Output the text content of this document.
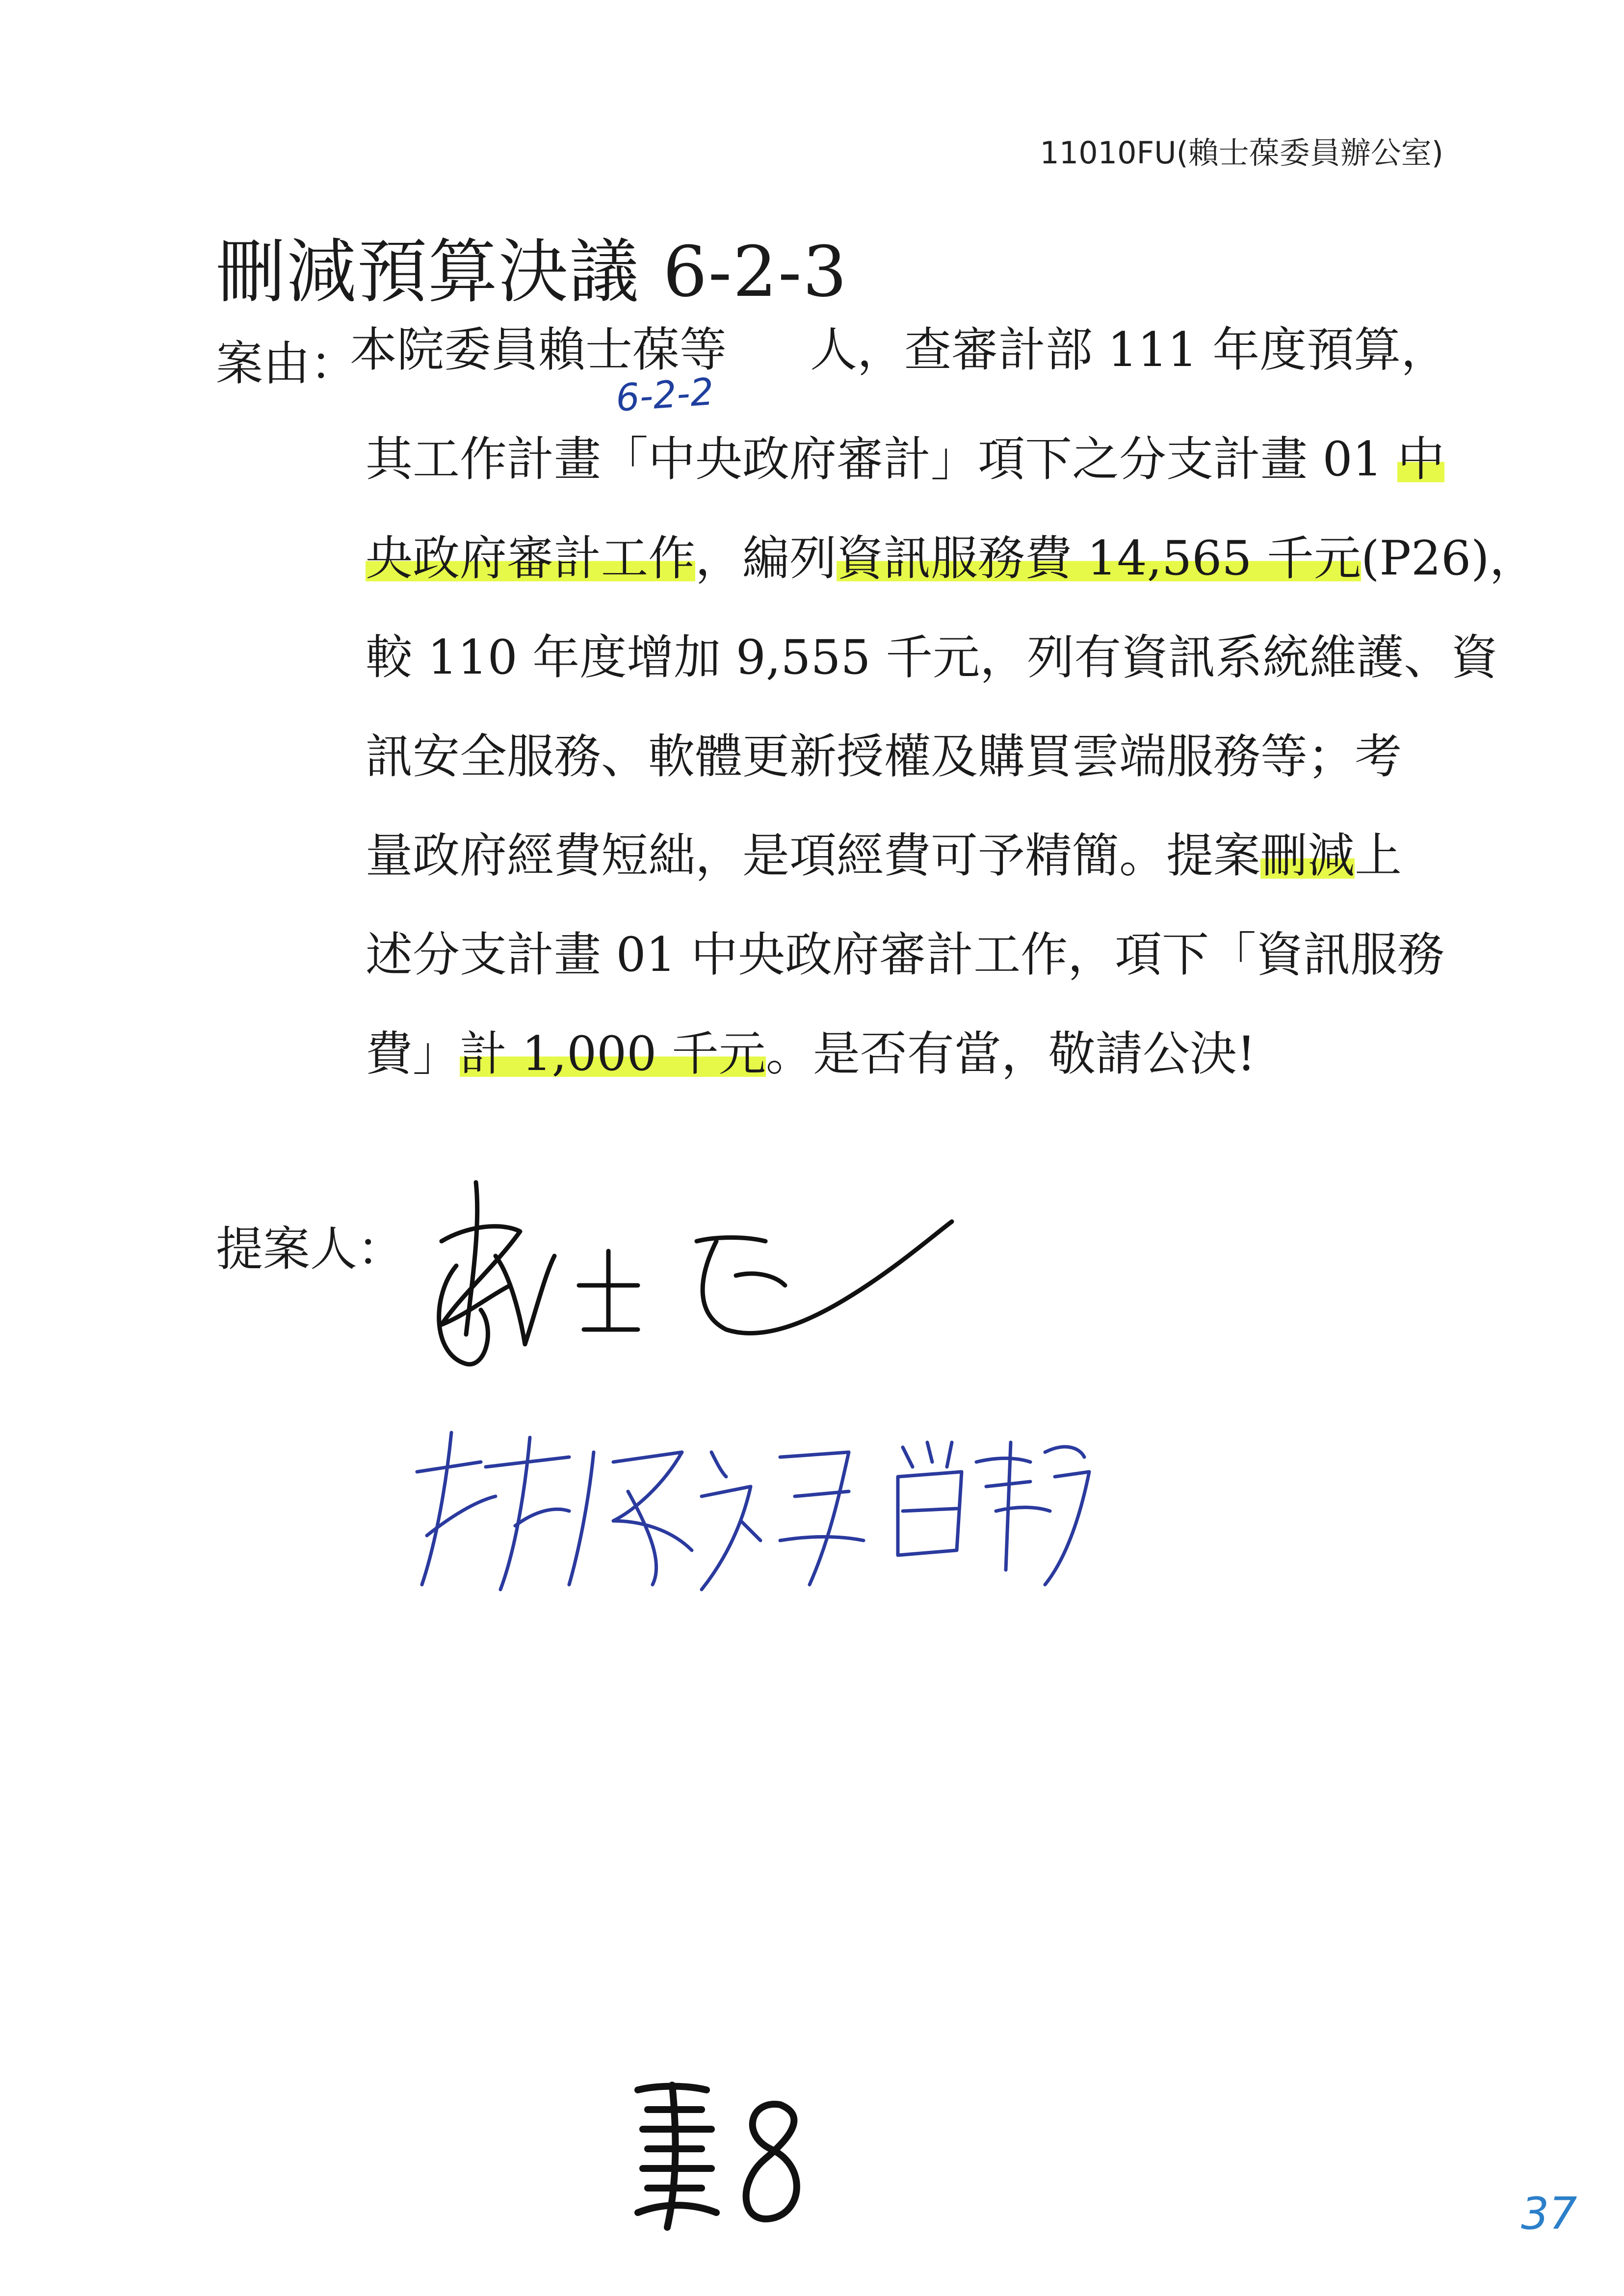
11010FU(賴士葆委員辦公室)
刪減預算決議 6-2-3
案由：
6-2-2
本院委員賴士葆等 人，查審計部 111 年度預算，
其工作計畫「中央政府審計」項下之分支計畫 01 中
央政府審計工作，編列資訊服務費 14,565 千元(P26)，
較 110 年度增加 9,555 千元，列有資訊系統維護、資
訊安全服務、軟體更新授權及購買雲端服務等；考
量政府經費短絀，是項經費可予精簡。提案刪減上
述分支計畫 01 中央政府審計工作，項下「資訊服務
費」計 1,000 千元。是否有當，敬請公決!
提案人：
37
